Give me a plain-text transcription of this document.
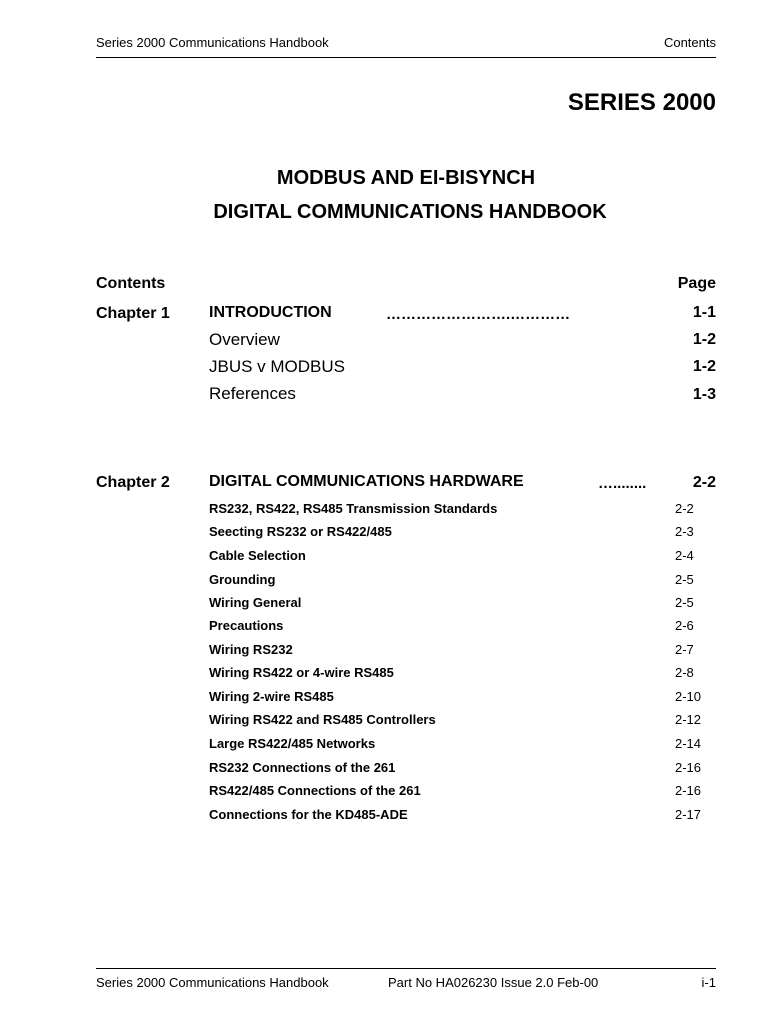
Series 2000 Communications Handbook	Contents
SERIES 2000
MODBUS AND EI-BISYNCH
DIGITAL COMMUNICATIONS HANDBOOK
Contents	Page
Chapter 1 INTRODUCTION	…………………….…………	1-1
Overview	1-2
JBUS v MODBUS	1-2
References	1-3
Chapter 2 DIGITAL COMMUNICATIONS HARDWARE	…........	2-2
RS232, RS422, RS485 Transmission Standards	2-2
Seecting RS232 or RS422/485	2-3
Cable Selection	2-4
Grounding	2-5
Wiring General	2-5
Precautions	2-6
Wiring RS232	2-7
Wiring RS422 or 4-wire RS485	2-8
Wiring 2-wire RS485	2-10
Wiring RS422 and RS485 Controllers	2-12
Large RS422/485 Networks	2-14
RS232 Connections of the 261	2-16
RS422/485 Connections of the 261	2-16
Connections for the KD485-ADE	2-17
Series 2000 Communications Handbook	Part No HA026230 Issue 2.0 Feb-00	i-1
